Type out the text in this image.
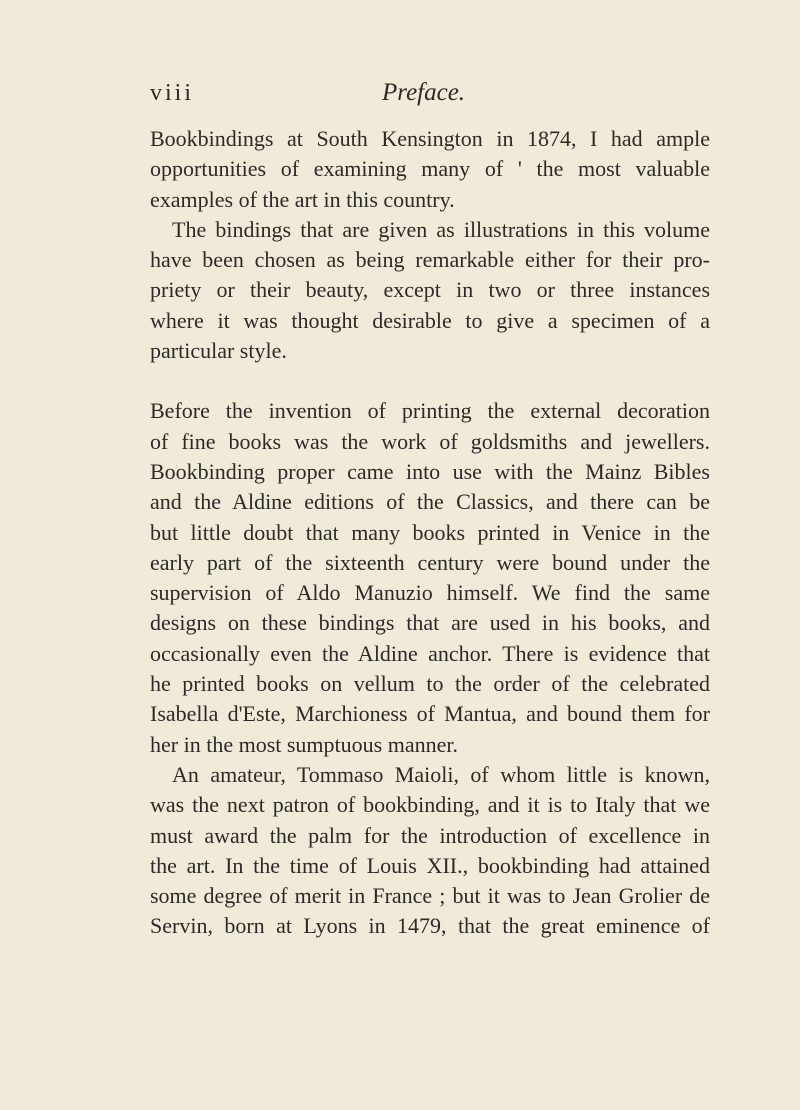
viii	Preface.

Bookbindings at South Kensington in 1874, I had ample
opportunities of examining many of ' the most valuable
examples of the art in this country.

The bindings that are given as illustrations in this volume
have been chosen as being remarkable either for their pro-
priety or their beauty, except in two or three instances
where it was thought desirable to give a specimen of a
particular style.

Before the invention of printing the external decoration
of fine books was the work of goldsmiths and jewellers.
Bookbinding proper came into use with the Mainz Bibles
and the Aldine editions of the Classics, and there can be
but little doubt that many books printed in Venice in the
early part of the sixteenth century were bound under the
supervision of Aldo Manuzio himself. We find the same
designs on these bindings that are used in his books, and
occasionally even the Aldine anchor. There is evidence that
he printed books on vellum to the order of the celebrated
Isabella d'Este, Marchioness of Mantua, and bound them for
her in the most sumptuous manner.

An amateur, Tommaso Maioli, of whom little is known,
was the next patron of bookbinding, and it is to Italy that we
must award the palm for the introduction of excellence in
the art. In the time of Louis XII., bookbinding had attained
some degree of merit in France ; but it was to Jean Grolier de
Servin, born at Lyons in 1479, that the great eminence of
